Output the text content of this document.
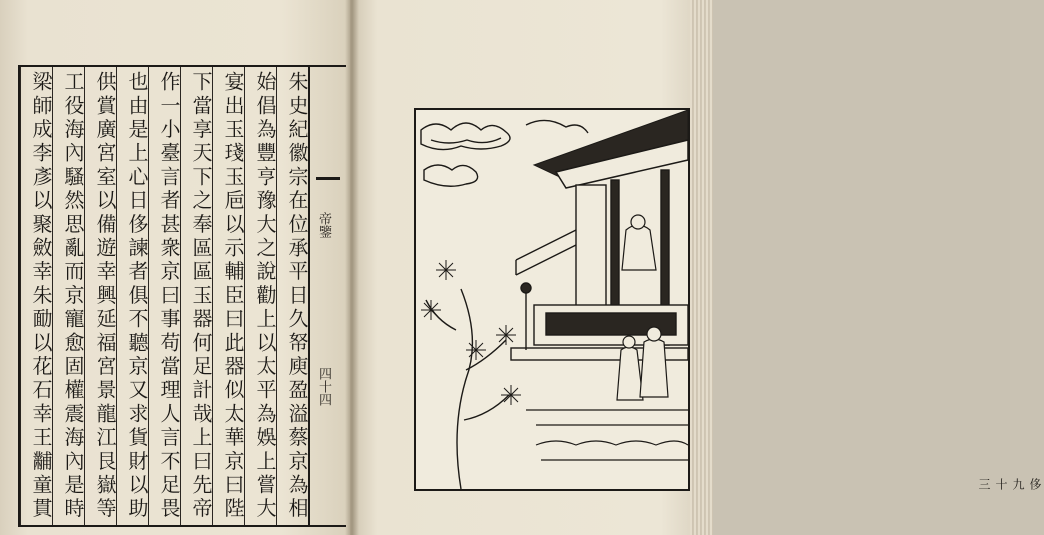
朱史紀徽宗在位承平日久帑庾盈溢蔡京為相
始倡為豐亨豫大之說勸上以太平為娛上嘗大
宴出玉琖玉巵以示輔臣曰此器似太華京曰陛
下當享天下之奉區區玉器何足計哉上曰先帝
作一小臺言者甚衆京曰事苟當理人言不足畏
也由是上心日侈諫者俱不聽京又求貨財以助
供賞廣宮室以備遊幸興延福宮景龍江艮嶽等
工役海內騷然思亂而京寵愈固權震海內是時
梁師成李彥以聚斂幸朱勔以花石幸王黼童貫	帝鑒
四十四
侈九十三
